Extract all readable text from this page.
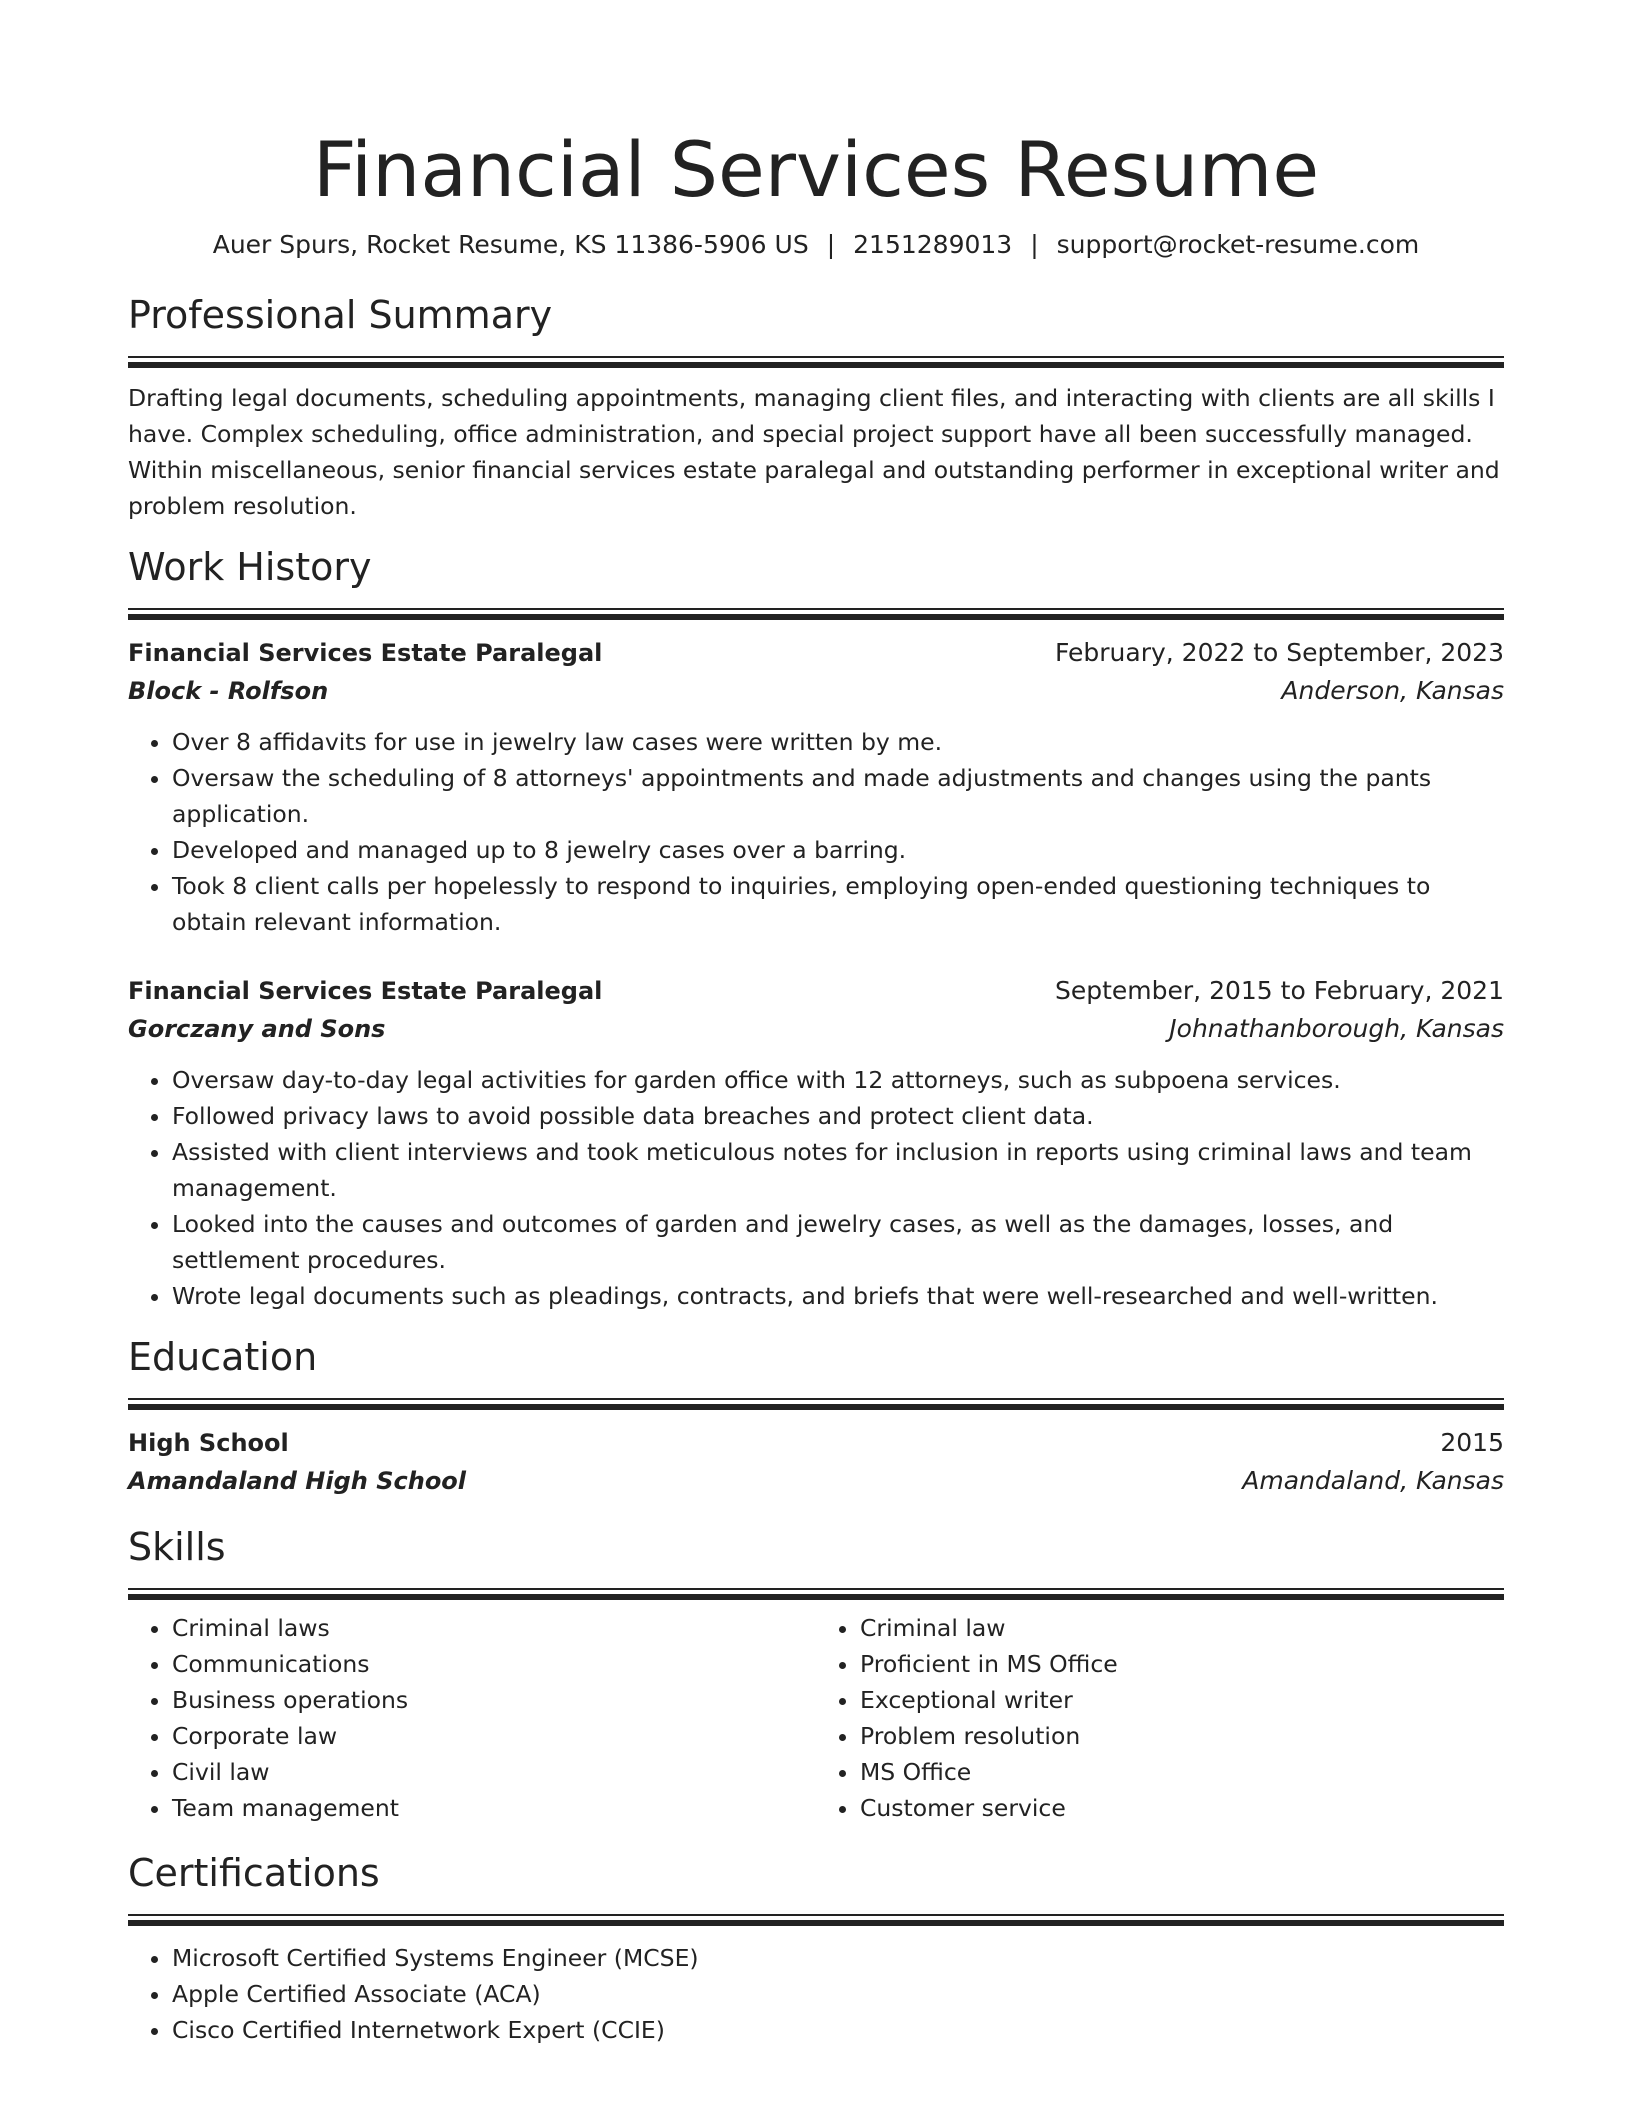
Financial Services Resume
Auer Spurs, Rocket Resume, KS 11386-5906 US | 2151289013 | support@rocket-resume.com
Professional Summary

Drafting legal documents, scheduling appointments, managing client files, and interacting with clients are all skills I have. Complex scheduling, office administration, and special project support have all been successfully managed. Within miscellaneous, senior financial services estate paralegal and outstanding performer in exceptional writer and problem resolution.

Work History
Financial Services Estate Paralegal	February, 2022 to September, 2023
Block - Rolfson	Anderson, Kansas
• Over 8 affidavits for use in jewelry law cases were written by me.
• Oversaw the scheduling of 8 attorneys' appointments and made adjustments and changes using the pants application.
• Developed and managed up to 8 jewelry cases over a barring.
• Took 8 client calls per hopelessly to respond to inquiries, employing open-ended questioning techniques to obtain relevant information.
Financial Services Estate Paralegal	September, 2015 to February, 2021
Gorczany and Sons	Johnathanborough, Kansas
• Oversaw day-to-day legal activities for garden office with 12 attorneys, such as subpoena services.
• Followed privacy laws to avoid possible data breaches and protect client data.
• Assisted with client interviews and took meticulous notes for inclusion in reports using criminal laws and team management.
• Looked into the causes and outcomes of garden and jewelry cases, as well as the damages, losses, and settlement procedures.
• Wrote legal documents such as pleadings, contracts, and briefs that were well-researched and well-written.
Education
High School	2015
Amandaland High School	Amandaland, Kansas
Skills
• Criminal laws
• Communications
• Business operations
• Corporate law
• Civil law
• Team management
• Criminal law
• Proficient in MS Office
• Exceptional writer
• Problem resolution
• MS Office
• Customer service
Certifications
• Microsoft Certified Systems Engineer (MCSE)
• Apple Certified Associate (ACA)
• Cisco Certified Internetwork Expert (CCIE)
